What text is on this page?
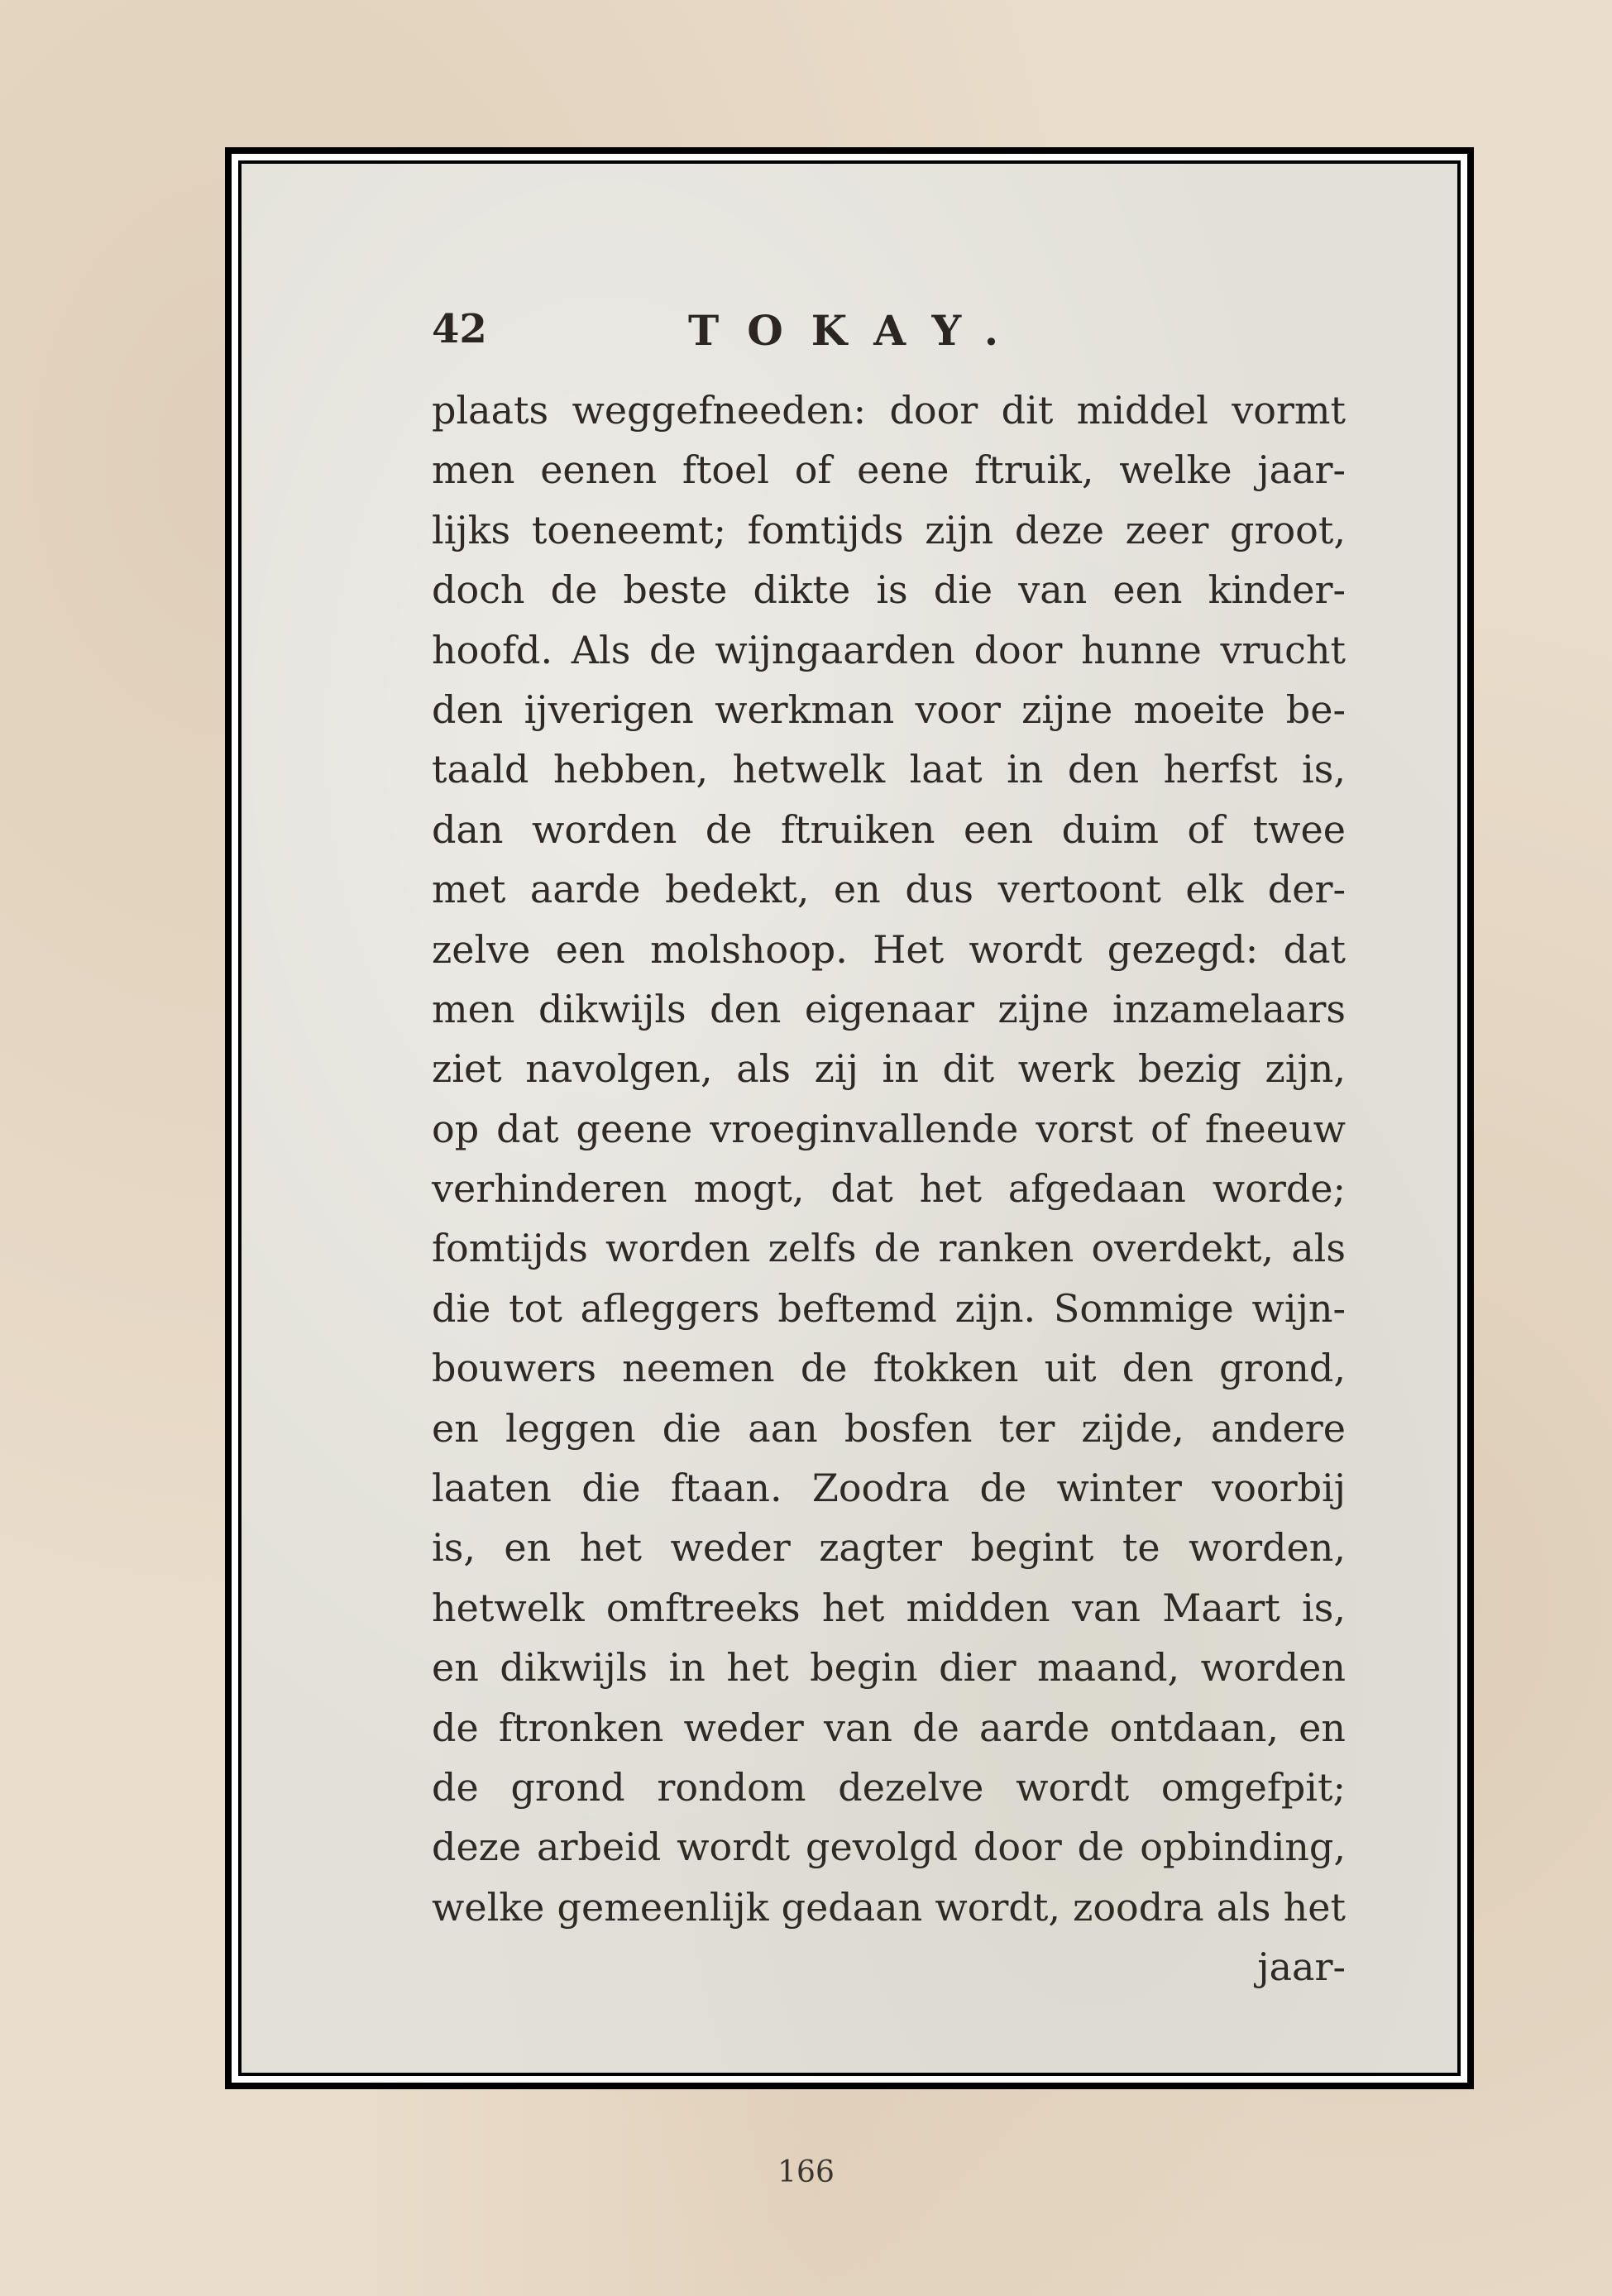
42	TOKAY.
plaats weggefneeden: door dit middel vormt
men eenen ftoel of eene ftruik, welke jaar-
lijks toeneemt; fomtijds zijn deze zeer groot,
doch de beste dikte is die van een kinder-
hoofd. Als de wijngaarden door hunne vrucht
den ijverigen werkman voor zijne moeite be-
taald hebben, hetwelk laat in den herfst is,
dan worden de ftruiken een duim of twee
met aarde bedekt, en dus vertoont elk der-
zelve een molshoop. Het wordt gezegd: dat
men dikwijls den eigenaar zijne inzamelaars
ziet navolgen, als zij in dit werk bezig zijn,
op dat geene vroeginvallende vorst of fneeuw
verhinderen mogt, dat het afgedaan worde;
fomtijds worden zelfs de ranken overdekt, als
die tot afleggers beftemd zijn. Sommige wijn-
bouwers neemen de ftokken uit den grond,
en leggen die aan bosfen ter zijde, andere
laaten die ftaan. Zoodra de winter voorbij
is, en het weder zagter begint te worden,
hetwelk omftreeks het midden van Maart is,
en dikwijls in het begin dier maand, worden
de ftronken weder van de aarde ontdaan, en
de grond rondom dezelve wordt omgefpit;
deze arbeid wordt gevolgd door de opbinding,
welke gemeenlijk gedaan wordt, zoodra als het
jaar-
166
